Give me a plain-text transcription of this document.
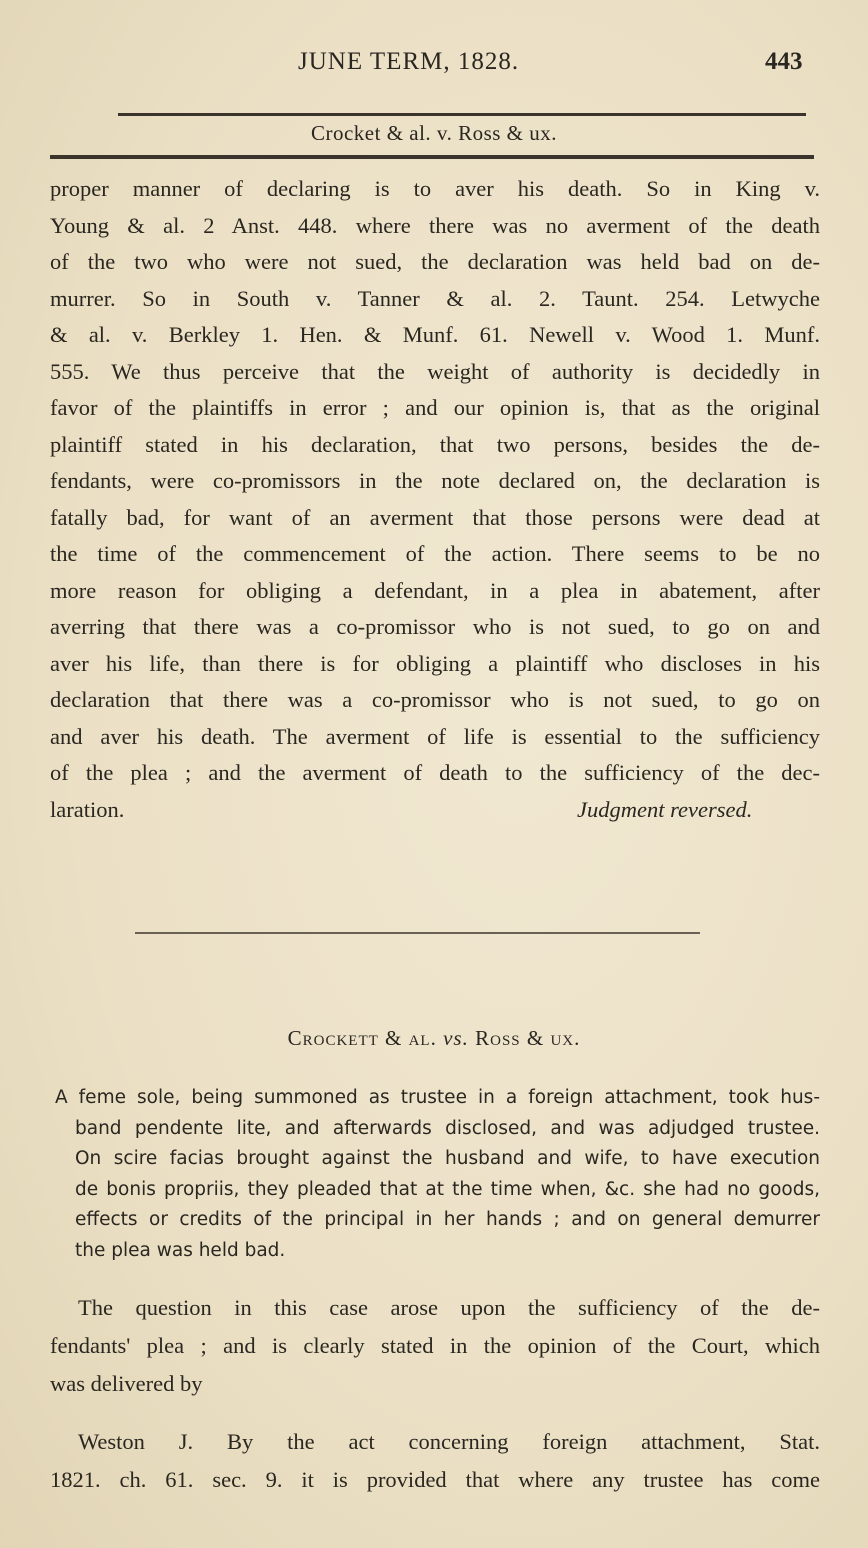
JUNE TERM, 1828.	443
Crocket & al. v. Ross & ux.
proper manner of declaring is to aver his death. So in King v.
Young & al. 2 Anst. 448. where there was no averment of the death
of the two who were not sued, the declaration was held bad on de-
murrer. So in South v. Tanner & al. 2. Taunt. 254. Letwyche
& al. v. Berkley 1. Hen. & Munf. 61. Newell v. Wood 1. Munf.
555. We thus perceive that the weight of authority is decidedly in
favor of the plaintiffs in error ; and our opinion is, that as the original
plaintiff stated in his declaration, that two persons, besides the de-
fendants, were co-promissors in the note declared on, the declaration is
fatally bad, for want of an averment that those persons were dead at
the time of the commencement of the action. There seems to be no
more reason for obliging a defendant, in a plea in abatement, after
averring that there was a co-promissor who is not sued, to go on and
aver his life, than there is for obliging a plaintiff who discloses in his
declaration that there was a co-promissor who is not sued, to go on
and aver his death. The averment of life is essential to the sufficiency
of the plea ; and the averment of death to the sufficiency of the dec-
laration.	Judgment reversed.
Crockett & al. vs. Ross & ux.
A feme sole, being summoned as trustee in a foreign attachment, took hus-
band pendente lite, and afterwards disclosed, and was adjudged trustee.
On scire facias brought against the husband and wife, to have execution
de bonis propriis, they pleaded that at the time when, &c. she had no goods,
effects or credits of the principal in her hands ; and on general demurrer
the plea was held bad.
The question in this case arose upon the sufficiency of the de-
fendants' plea ; and is clearly stated in the opinion of the Court, which
was delivered by
Weston J. By the act concerning foreign attachment, Stat.
1821. ch. 61. sec. 9. it is provided that where any trustee has come
